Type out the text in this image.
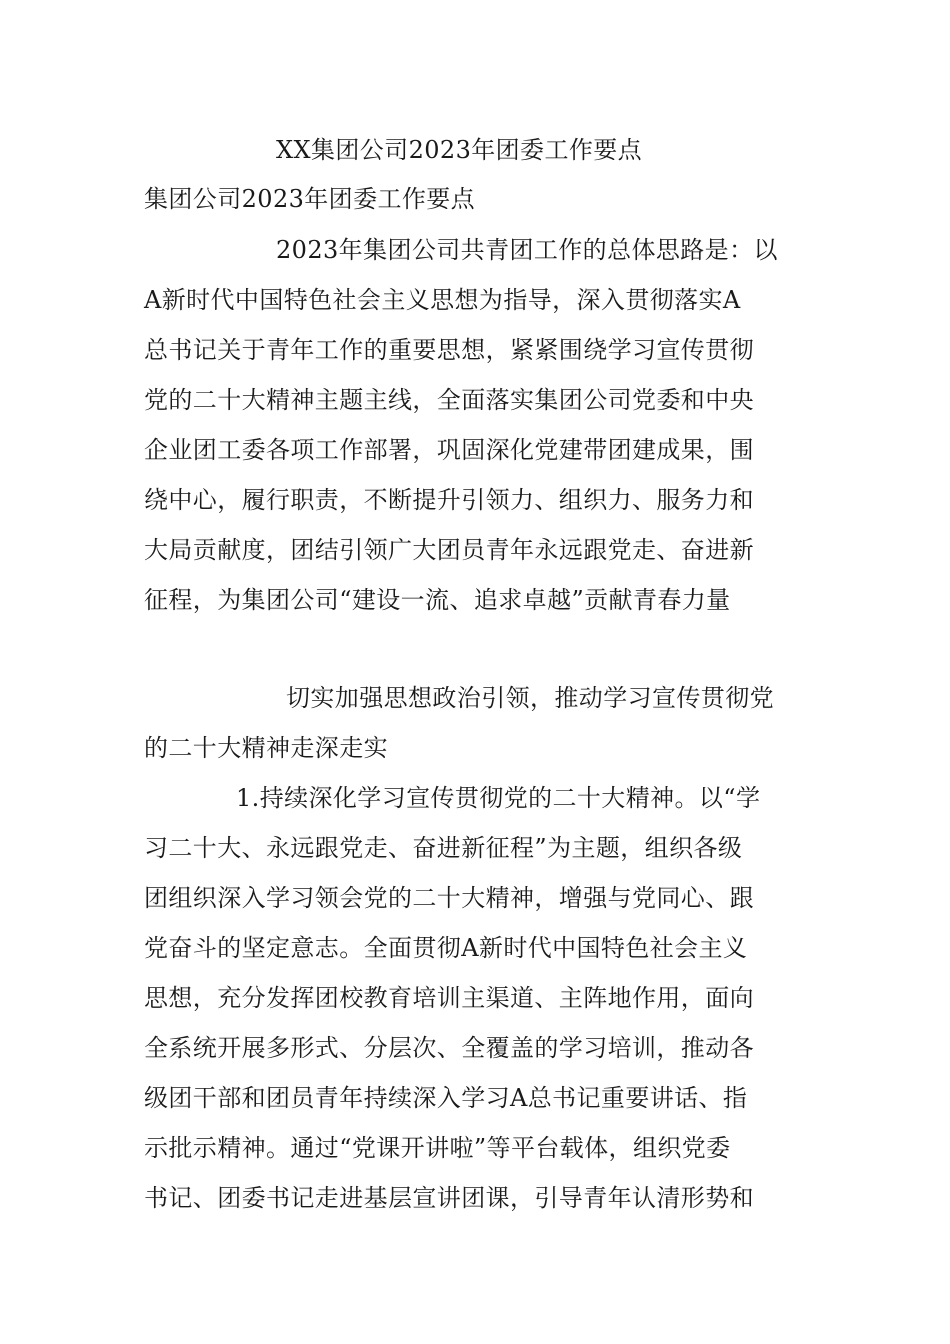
XX集团公司2023年团委工作要点
集团公司2023年团委工作要点
2023年集团公司共青团工作的总体思路是：以
A新时代中国特色社会主义思想为指导，深入贯彻落实A
总书记关于青年工作的重要思想，紧紧围绕学习宣传贯彻
党的二十大精神主题主线，全面落实集团公司党委和中央
企业团工委各项工作部署，巩固深化党建带团建成果，围
绕中心，履行职责，不断提升引领力、组织力、服务力和
大局贡献度，团结引领广大团员青年永远跟党走、奋进新
征程，为集团公司“建设一流、追求卓越”贡献青春力量
切实加强思想政治引领，推动学习宣传贯彻党
的二十大精神走深走实
1.持续深化学习宣传贯彻党的二十大精神。以“学
习二十大、永远跟党走、奋进新征程”为主题，组织各级
团组织深入学习领会党的二十大精神，增强与党同心、跟
党奋斗的坚定意志。全面贯彻A新时代中国特色社会主义
思想，充分发挥团校教育培训主渠道、主阵地作用，面向
全系统开展多形式、分层次、全覆盖的学习培训，推动各
级团干部和团员青年持续深入学习A总书记重要讲话、指
示批示精神。通过“党课开讲啦”等平台载体，组织党委
书记、团委书记走进基层宣讲团课，引导青年认清形势和
